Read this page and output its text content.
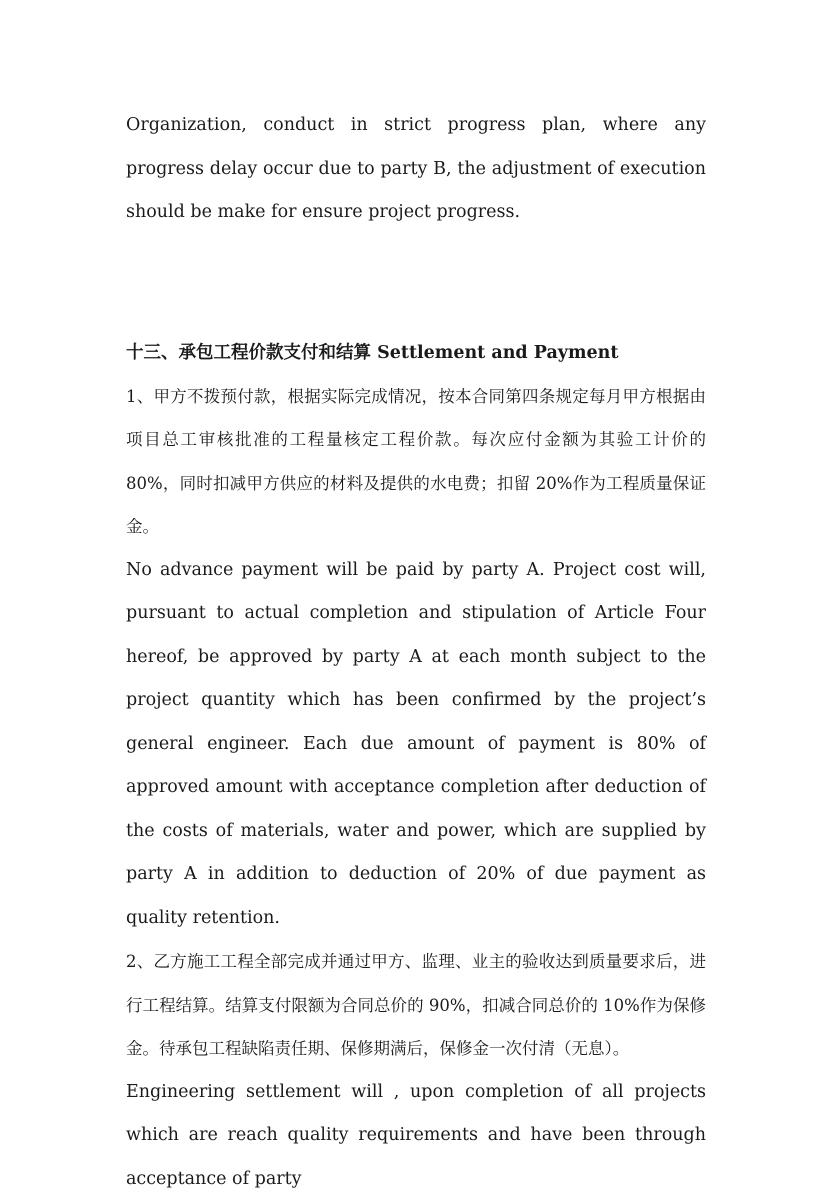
Organization, conduct in strict progress plan, where any progress delay occur due to party B, the adjustment of execution should be make for ensure project progress.

十三、承包工程价款支付和结算 Settlement and Payment

1、甲方不拨预付款，根据实际完成情况，按本合同第四条规定每月甲方根据由项目总工审核批准的工程量核定工程价款。每次应付金额为其验工计价的 80%，同时扣减甲方供应的材料及提供的水电费；扣留 20%作为工程质量保证金。

No advance payment will be paid by party A. Project cost will, pursuant to actual completion and stipulation of Article Four hereof, be approved by party A at each month subject to the project quantity which has been confirmed by the project’s general engineer. Each due amount of payment is 80% of approved amount with acceptance completion after deduction of the costs of materials, water and power, which are supplied by party A in addition to deduction of 20% of due payment as quality retention.

2、乙方施工工程全部完成并通过甲方、监理、业主的验收达到质量要求后，进行工程结算。结算支付限额为合同总价的 90%，扣减合同总价的 10%作为保修金。待承包工程缺陷责任期、保修期满后，保修金一次付清（无息）。

Engineering settlement will , upon completion of all projects which are reach quality requirements and have been through acceptance of party
